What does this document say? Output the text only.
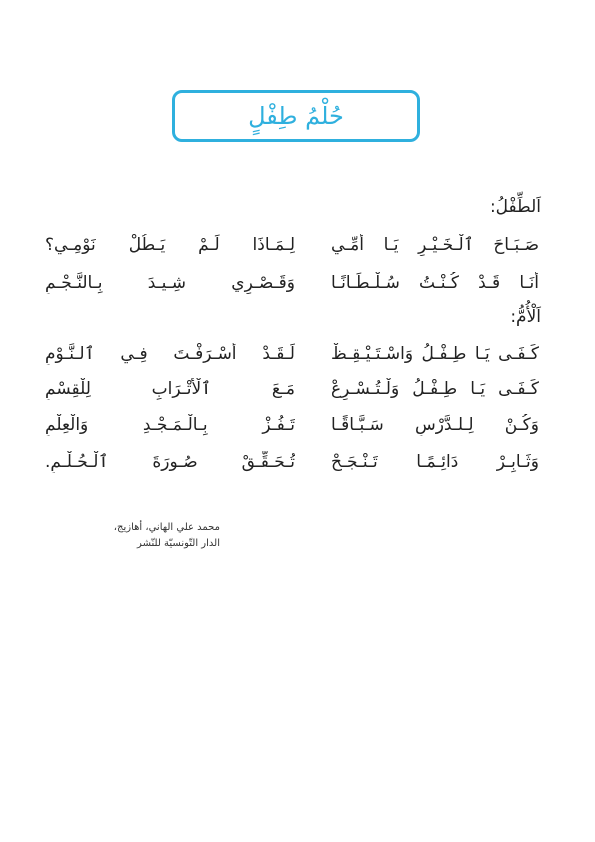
حُلْمُ طِفْلٍ
اَلطِّفْلُ:
صَـبَـاحَ ٱلْـخَـيْـرِ يَـا أُمِّـي
لِـمَـاذَا لَـمْ يَـطُلْ نَوْمِـي؟
أَنَـا قَـدْ كُـنْـتُ سُـلْـطَـانًـا
وَقَـصْـرِي شِـيـدَ بِـالنَّـجْـمِ
اَلْأُمُّ:
كَـفَـى يَـا طِـفْـلُ وَاسْـتَـيْـقِـظْ
لَـقَـدْ أَسْـرَفْـتَ فِـي ٱلـنَّـوْمِ
كَـفَـى يَـا طِـفْـلُ وَلْـتُـسْـرِعْ
مَـعَ ٱلْأَتْـرَابِ لِلْقِسْمِ
وَكُـنْ لِـلـدَّرْسِ سَـبَّـاقًـا
تَـفُـزْ بِـالْـمَـجْـدِ وَالْعِلْمِ
وَثَـابِـرْ دَائِـمًـا تَـنْـجَـحْ
تُـحَـقِّـقْ صُـورَةَ ٱلْـحُـلْـمِ.
محمد علي الهاني، أهازيج،
الدار التّونسيّة للنّشر
